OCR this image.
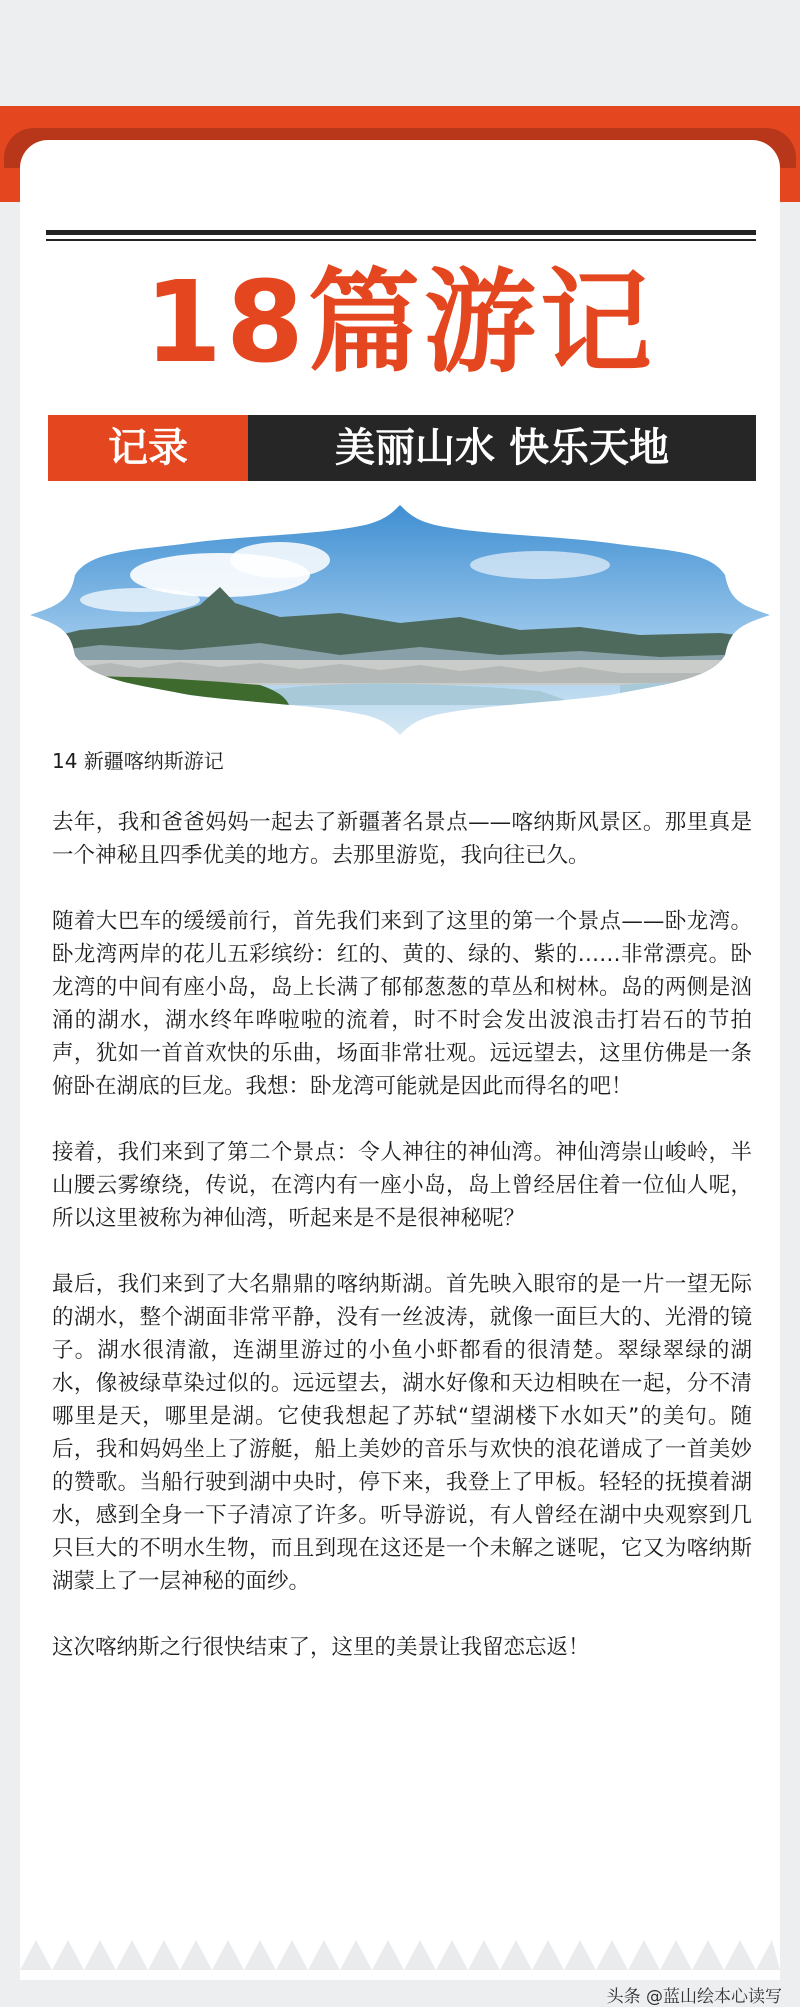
18篇游记
记录	美丽山水 快乐天地
14 新疆喀纳斯游记

去年，我和爸爸妈妈一起去了新疆著名景点——喀纳斯风景区。那里真是一个神秘且四季优美的地方。去那里游览，我向往已久。

随着大巴车的缓缓前行，首先我们来到了这里的第一个景点——卧龙湾。卧龙湾两岸的花儿五彩缤纷：红的、黄的、绿的、紫的……非常漂亮。卧龙湾的中间有座小岛，岛上长满了郁郁葱葱的草丛和树林。岛的两侧是汹涌的湖水，湖水终年哗啦啦的流着，时不时会发出波浪击打岩石的节拍声，犹如一首首欢快的乐曲，场面非常壮观。远远望去，这里仿佛是一条俯卧在湖底的巨龙。我想：卧龙湾可能就是因此而得名的吧！

接着，我们来到了第二个景点：令人神往的神仙湾。神仙湾崇山峻岭，半山腰云雾缭绕，传说，在湾内有一座小岛，岛上曾经居住着一位仙人呢，所以这里被称为神仙湾，听起来是不是很神秘呢？

最后，我们来到了大名鼎鼎的喀纳斯湖。首先映入眼帘的是一片一望无际的湖水，整个湖面非常平静，没有一丝波涛，就像一面巨大的、光滑的镜子。湖水很清澈，连湖里游过的小鱼小虾都看的很清楚。翠绿翠绿的湖水，像被绿草染过似的。远远望去，湖水好像和天边相映在一起，分不清哪里是天，哪里是湖。它使我想起了苏轼“望湖楼下水如天”的美句。随后，我和妈妈坐上了游艇，船上美妙的音乐与欢快的浪花谱成了一首美妙的赞歌。当船行驶到湖中央时，停下来，我登上了甲板。轻轻的抚摸着湖水，感到全身一下子清凉了许多。听导游说，有人曾经在湖中央观察到几只巨大的不明水生物，而且到现在这还是一个未解之谜呢，它又为喀纳斯湖蒙上了一层神秘的面纱。

这次喀纳斯之行很快结束了，这里的美景让我留恋忘返！

头条 @蓝山绘本心读写
